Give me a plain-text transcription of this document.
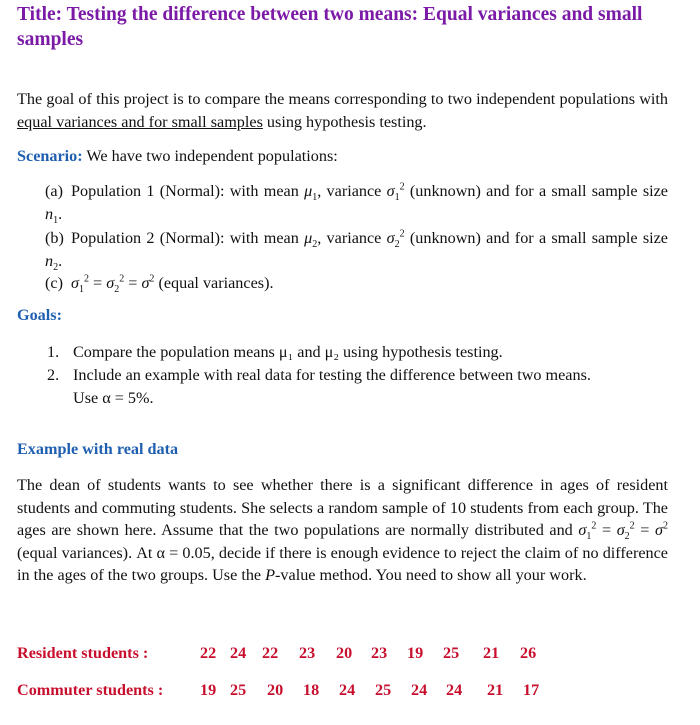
Title: Testing the difference between two means: Equal variances and small samples
The goal of this project is to compare the means corresponding to two independent populations with equal variances and for small samples using hypothesis testing.
Scenario: We have two independent populations:
(a) Population 1 (Normal): with mean $\mu_1$, variance $\sigma_1^2$ (unknown) and for a small sample size $n_1$.
(b) Population 2 (Normal): with mean $\mu_2$, variance $\sigma_2^2$ (unknown) and for a small sample size $n_2$.
(c) $\sigma_1^2 = \sigma_2^2 = \sigma^2$ (equal variances).
Goals:
1. Compare the population means μ₁ and μ₂ using hypothesis testing.
2. Include an example with real data for testing the difference between two means.
Use α = 5%.
Example with real data
The dean of students wants to see whether there is a significant difference in ages of resident students and commuting students. She selects a random sample of 10 students from each group. The ages are shown here. Assume that the two populations are normally distributed and $\sigma_1^2 = \sigma_2^2 = \sigma^2$ (equal variances). At α = 0.05, decide if there is enough evidence to reject the claim of no difference in the ages of the two groups. Use the P-value method. You need to show all your work.
Resident students :	22 24 22 23 20 23 19 25 21 26
Commuter students : 19 25 20 18 24 25 24 24 21 17
